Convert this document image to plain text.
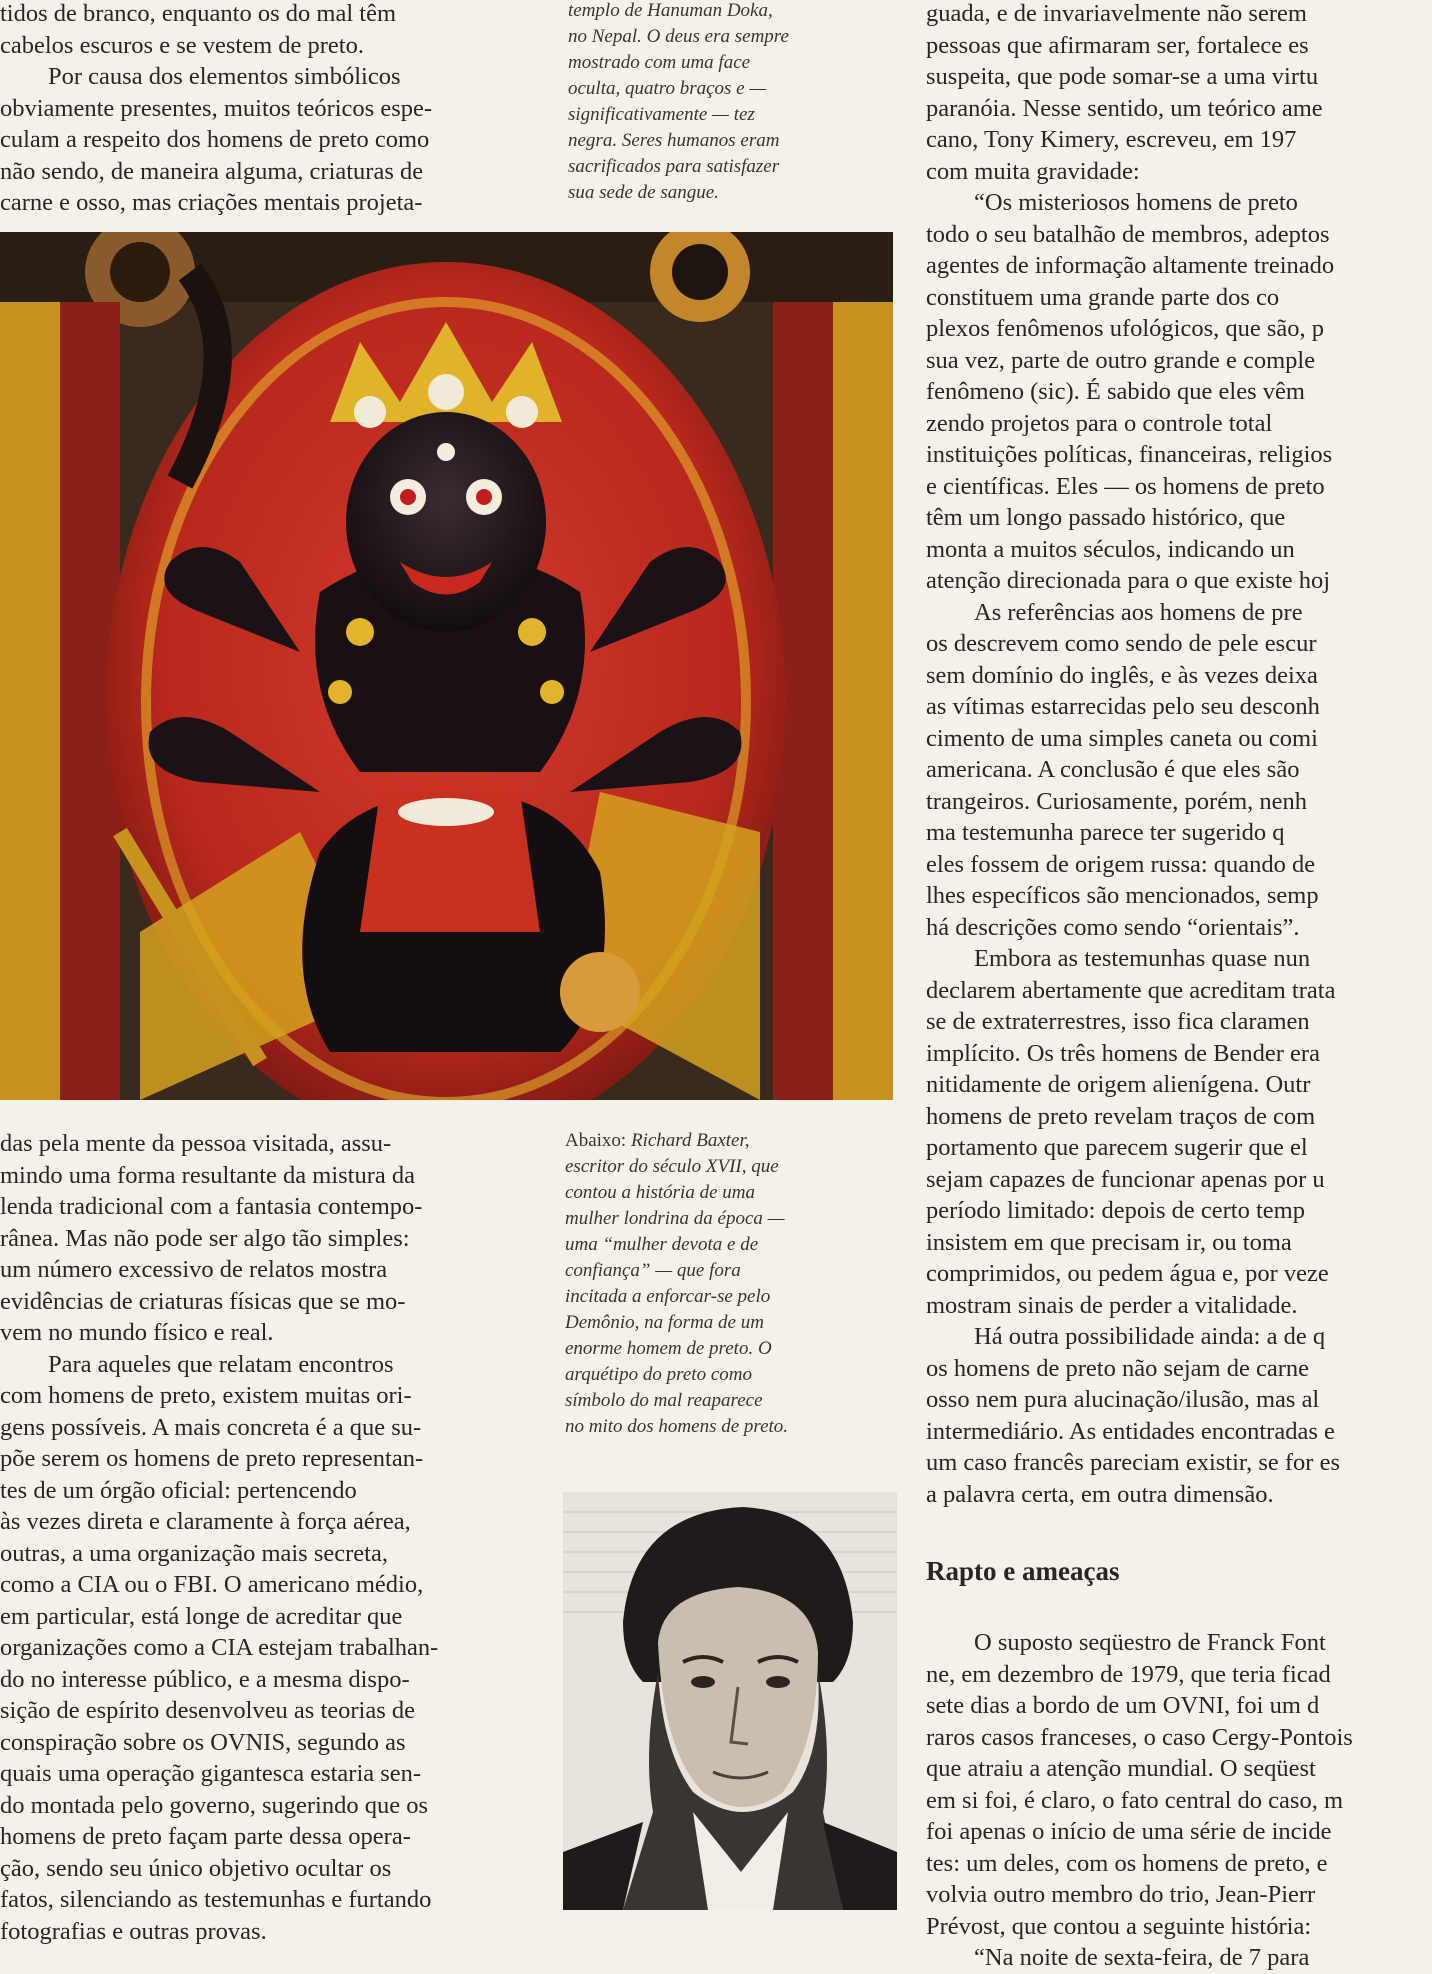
tidos de branco, enquanto os do mal têm
cabelos escuros e se vestem de preto.
Por causa dos elementos simbólicos
obviamente presentes, muitos teóricos espe-
culam a respeito dos homens de preto como
não sendo, de maneira alguma, criaturas de
carne e osso, mas criações mentais projeta-
templo de Hanuman Doka,
no Nepal. O deus era sempre
mostrado com uma face
oculta, quatro braços e —
significativamente — tez
negra. Seres humanos eram
sacrificados para satisfazer
sua sede de sangue.
das pela mente da pessoa visitada, assu-
mindo uma forma resultante da mistura da
lenda tradicional com a fantasia contempo-
rânea. Mas não pode ser algo tão simples:
um número excessivo de relatos mostra
evidências de criaturas físicas que se mo-
vem no mundo físico e real.
Para aqueles que relatam encontros
com homens de preto, existem muitas ori-
gens possíveis. A mais concreta é a que su-
põe serem os homens de preto representan-
tes de um órgão oficial: pertencendo
às vezes direta e claramente à força aérea,
outras, a uma organização mais secreta,
como a CIA ou o FBI. O americano médio,
em particular, está longe de acreditar que
organizações como a CIA estejam trabalhan-
do no interesse público, e a mesma dispo-
sição de espírito desenvolveu as teorias de
conspiração sobre os OVNIS, segundo as
quais uma operação gigantesca estaria sen-
do montada pelo governo, sugerindo que os
homens de preto façam parte dessa opera-
ção, sendo seu único objetivo ocultar os
fatos, silenciando as testemunhas e furtando
fotografias e outras provas.
Abaixo: Richard Baxter,
escritor do século XVII, que
contou a história de uma
mulher londrina da época —
uma “mulher devota e de
confiança” — que fora
incitada a enforcar-se pelo
Demônio, na forma de um
enorme homem de preto. O
arquétipo do preto como
símbolo do mal reaparece
no mito dos homens de preto.
guada, e de invariavelmente não serem
pessoas que afirmaram ser, fortalece es
suspeita, que pode somar-se a uma virtu
paranóia. Nesse sentido, um teórico ame
cano, Tony Kimery, escreveu, em 197
com muita gravidade:
“Os misteriosos homens de preto
todo o seu batalhão de membros, adeptos
agentes de informação altamente treinado
constituem uma grande parte dos co
plexos fenômenos ufológicos, que são, p
sua vez, parte de outro grande e comple
fenômeno (sic). É sabido que eles vêm
zendo projetos para o controle total
instituições políticas, financeiras, religios
e científicas. Eles — os homens de preto
têm um longo passado histórico, que
monta a muitos séculos, indicando un
atenção direcionada para o que existe hoj
As referências aos homens de pre
os descrevem como sendo de pele escur
sem domínio do inglês, e às vezes deixa
as vítimas estarrecidas pelo seu desconh
cimento de uma simples caneta ou comi
americana. A conclusão é que eles são
trangeiros. Curiosamente, porém, nenh
ma testemunha parece ter sugerido q
eles fossem de origem russa: quando de
lhes específicos são mencionados, semp
há descrições como sendo “orientais”.
Embora as testemunhas quase nun
declarem abertamente que acreditam trata
se de extraterrestres, isso fica claramen
implícito. Os três homens de Bender era
nitidamente de origem alienígena. Outr
homens de preto revelam traços de com
portamento que parecem sugerir que el
sejam capazes de funcionar apenas por u
período limitado: depois de certo temp
insistem em que precisam ir, ou toma
comprimidos, ou pedem água e, por veze
mostram sinais de perder a vitalidade.
Há outra possibilidade ainda: a de q
os homens de preto não sejam de carne
osso nem pura alucinação/ilusão, mas al
intermediário. As entidades encontradas e
um caso francês pareciam existir, se for es
a palavra certa, em outra dimensão.
Rapto e ameaças
O suposto seqüestro de Franck Font
ne, em dezembro de 1979, que teria ficad
sete dias a bordo de um OVNI, foi um d
raros casos franceses, o caso Cergy-Pontois
que atraiu a atenção mundial. O seqüest
em si foi, é claro, o fato central do caso, m
foi apenas o início de uma série de incide
tes: um deles, com os homens de preto, e
volvia outro membro do trio, Jean-Pierr
Prévost, que contou a seguinte história:
“Na noite de sexta-feira, de 7 para
